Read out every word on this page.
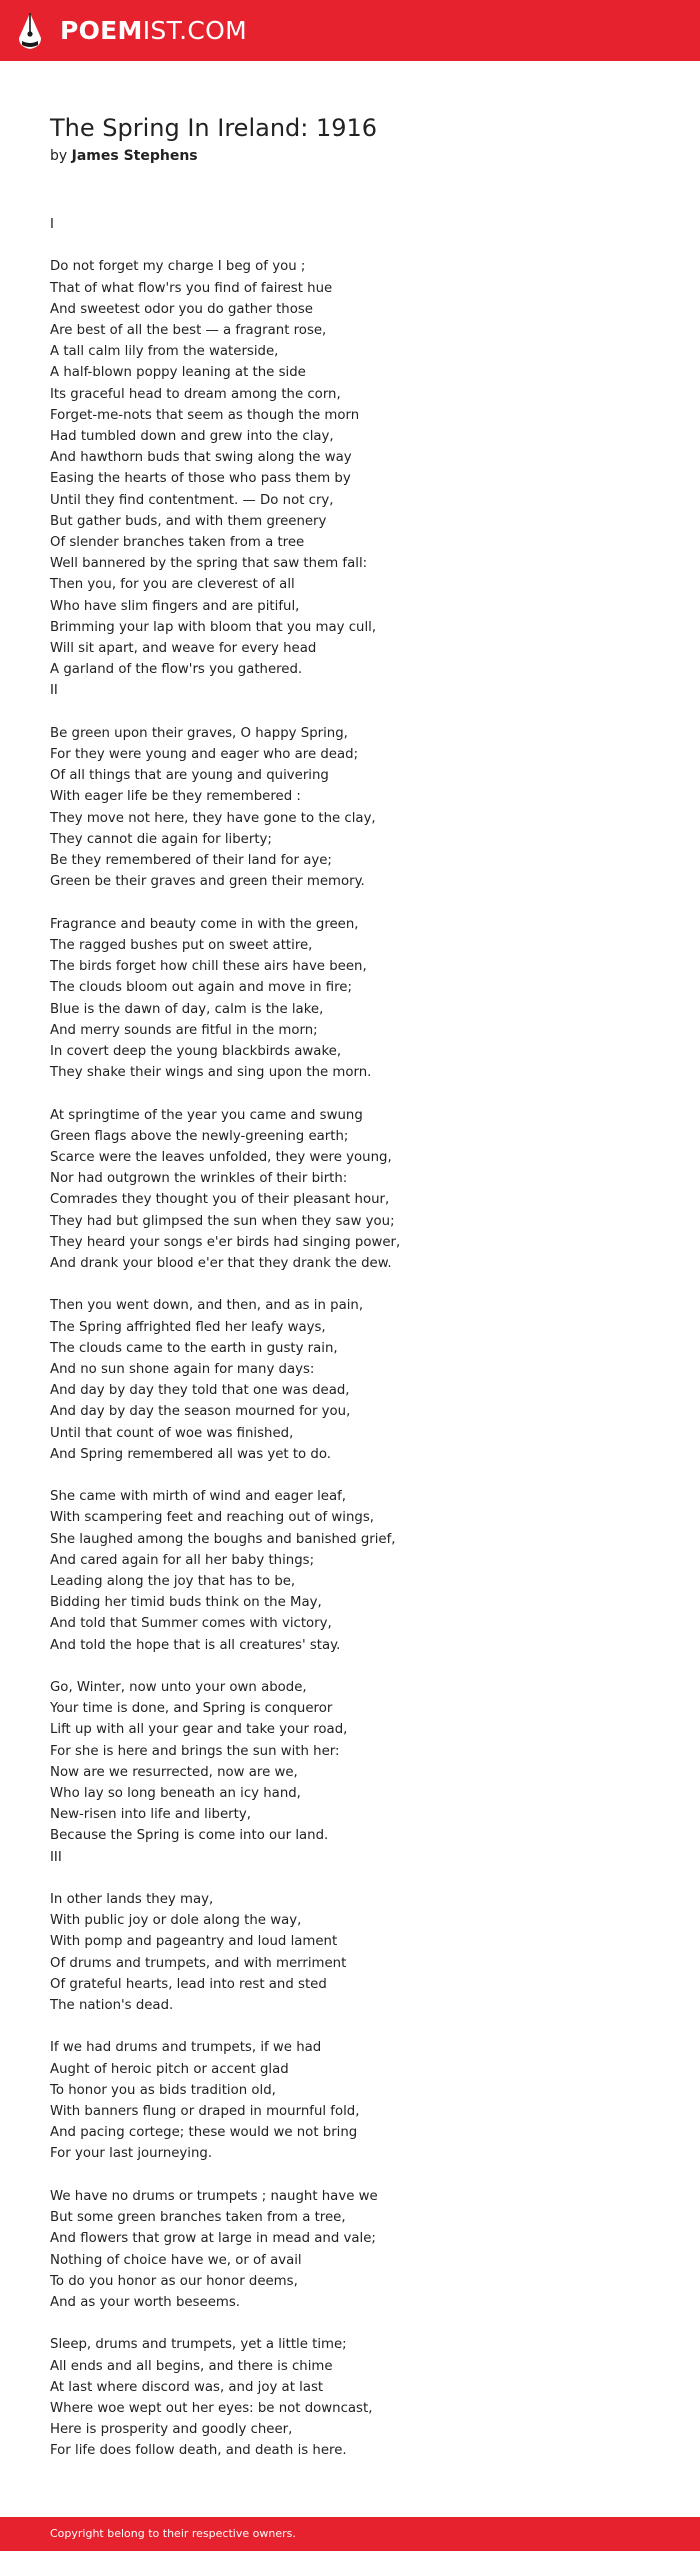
POEMIST.COM
The Spring In Ireland: 1916
by James Stephens
I

Do not forget my charge I beg of you ;
That of what flow'rs you find of fairest hue
And sweetest odor you do gather those
Are best of all the best — a fragrant rose,
A tall calm lily from the waterside,
A half-blown poppy leaning at the side
Its graceful head to dream among the corn,
Forget-me-nots that seem as though the morn
Had tumbled down and grew into the clay,
And hawthorn buds that swing along the way
Easing the hearts of those who pass them by
Until they find contentment. — Do not cry,
But gather buds, and with them greenery
Of slender branches taken from a tree
Well bannered by the spring that saw them fall:
Then you, for you are cleverest of all
Who have slim fingers and are pitiful,
Brimming your lap with bloom that you may cull,
Will sit apart, and weave for every head
A garland of the flow'rs you gathered.
II

Be green upon their graves, O happy Spring,
For they were young and eager who are dead;
Of all things that are young and quivering
With eager life be they remembered :
They move not here, they have gone to the clay,
They cannot die again for liberty;
Be they remembered of their land for aye;
Green be their graves and green their memory.

Fragrance and beauty come in with the green,
The ragged bushes put on sweet attire,
The birds forget how chill these airs have been,
The clouds bloom out again and move in fire;
Blue is the dawn of day, calm is the lake,
And merry sounds are fitful in the morn;
In covert deep the young blackbirds awake,
They shake their wings and sing upon the morn.

At springtime of the year you came and swung
Green flags above the newly-greening earth;
Scarce were the leaves unfolded, they were young,
Nor had outgrown the wrinkles of their birth:
Comrades they thought you of their pleasant hour,
They had but glimpsed the sun when they saw you;
They heard your songs e'er birds had singing power,
And drank your blood e'er that they drank the dew.

Then you went down, and then, and as in pain,
The Spring affrighted fled her leafy ways,
The clouds came to the earth in gusty rain,
And no sun shone again for many days:
And day by day they told that one was dead,
And day by day the season mourned for you,
Until that count of woe was finished,
And Spring remembered all was yet to do.

She came with mirth of wind and eager leaf,
With scampering feet and reaching out of wings,
She laughed among the boughs and banished grief,
And cared again for all her baby things;
Leading along the joy that has to be,
Bidding her timid buds think on the May,
And told that Summer comes with victory,
And told the hope that is all creatures' stay.

Go, Winter, now unto your own abode,
Your time is done, and Spring is conqueror
Lift up with all your gear and take your road,
For she is here and brings the sun with her:
Now are we resurrected, now are we,
Who lay so long beneath an icy hand,
New-risen into life and liberty,
Because the Spring is come into our land.
III

In other lands they may,
With public joy or dole along the way,
With pomp and pageantry and loud lament
Of drums and trumpets, and with merriment
Of grateful hearts, lead into rest and sted
The nation's dead.

If we had drums and trumpets, if we had
Aught of heroic pitch or accent glad
To honor you as bids tradition old,
With banners flung or draped in mournful fold,
And pacing cortege; these would we not bring
For your last journeying.

We have no drums or trumpets ; naught have we
But some green branches taken from a tree,
And flowers that grow at large in mead and vale;
Nothing of choice have we, or of avail
To do you honor as our honor deems,
And as your worth beseems.

Sleep, drums and trumpets, yet a little time;
All ends and all begins, and there is chime
At last where discord was, and joy at last
Where woe wept out her eyes: be not downcast,
Here is prosperity and goodly cheer,
For life does follow death, and death is here.
Copyright belong to their respective owners.
